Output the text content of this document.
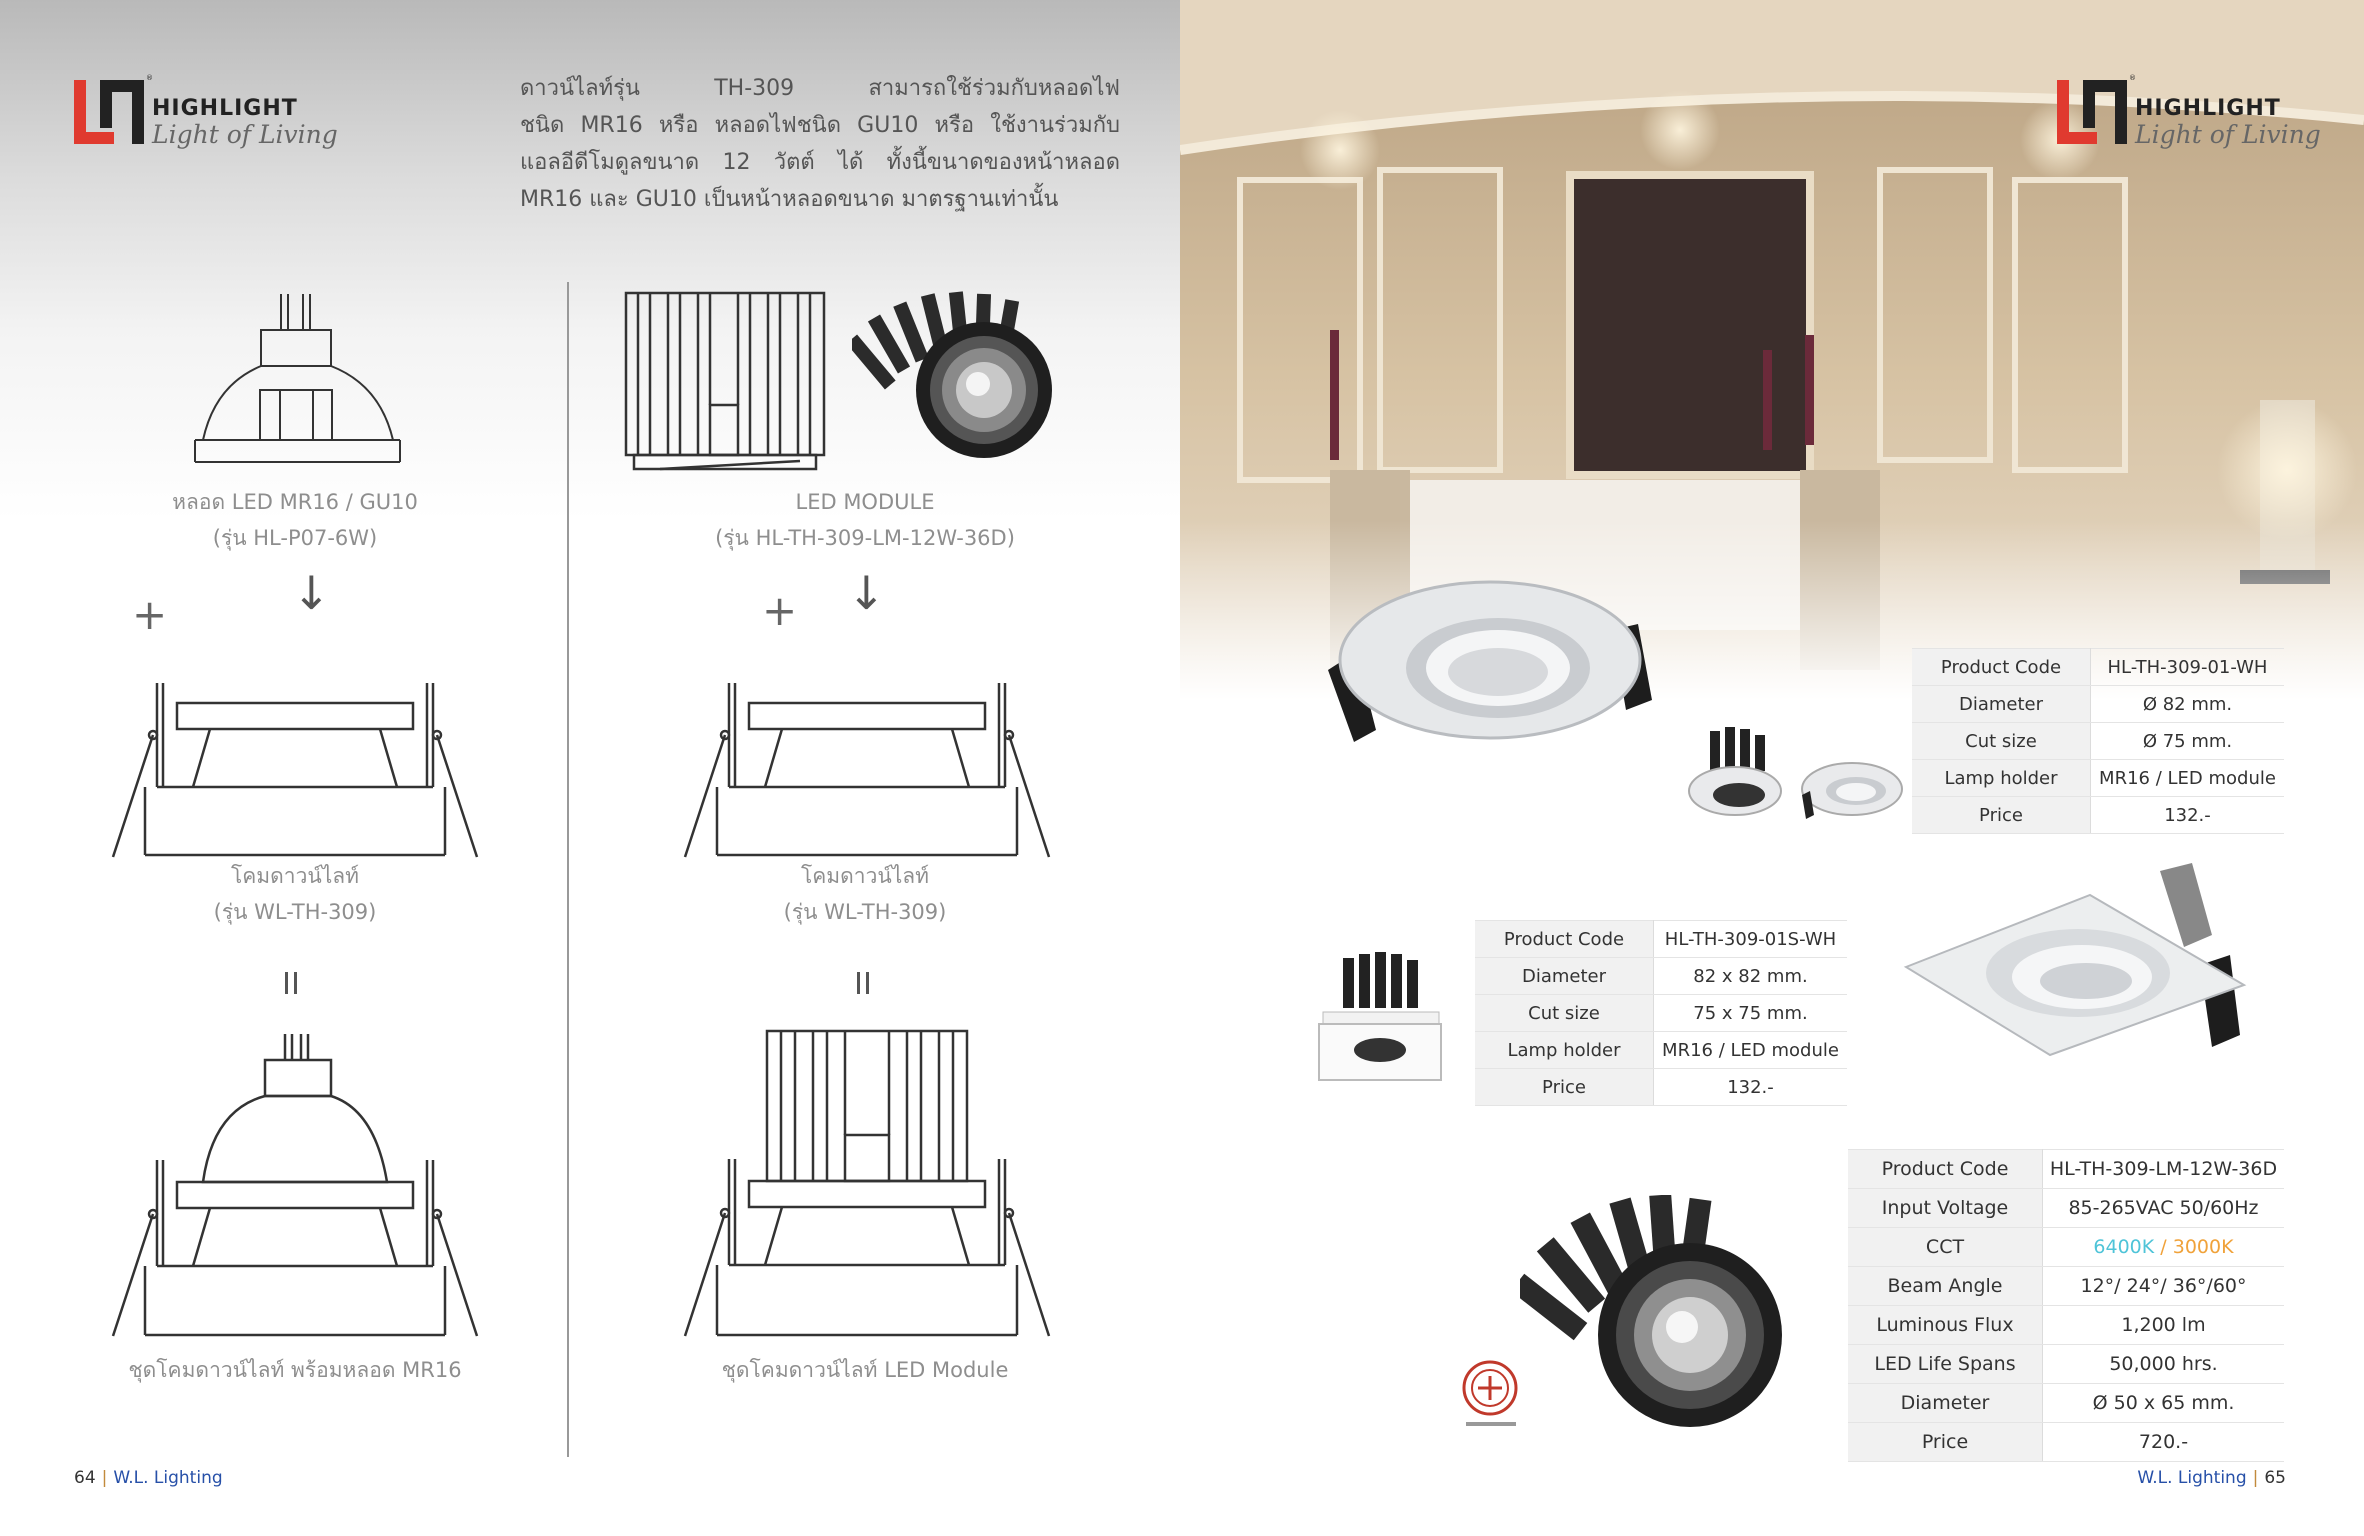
®
HIGHLIGHT
Light of Living
ดาวน์ไลท์รุ่น TH-309 สามารถใช้ร่วมกับหลอดไฟ
ชนิด MR16 หรือ หลอดไฟชนิด GU10 หรือ ใช้งานร่วมกับ
แอลอีดีโมดูลขนาด 12 วัตต์ ได้ ทั้งนี้ขนาดของหน้าหลอด
MR16 และ GU10 เป็นหน้าหลอดขนาด มาตรฐานเท่านั้น
หลอด LED MR16 / GU10
(รุ่น HL-P07-6W)
+	↓
โคมดาวน์ไลท์
(รุ่น WL-TH-309)
ชุดโคมดาวน์ไลท์ พร้อมหลอด MR16
LED MODULE
(รุ่น HL-TH-309-LM-12W-36D)
+ ↓
โคมดาวน์ไลท์
(รุ่น WL-TH-309)
ชุดโคมดาวน์ไลท์ LED Module
64 | W.L. Lighting
®
HIGHLIGHT
Light of Living
Product Code	HL-TH-309-01-WH
Diameter	Ø 82 mm.
Cut size	Ø 75 mm.
Lamp holder	MR16 / LED module
Price	132.-
Product Code	HL-TH-309-01S-WH
Diameter	82 x 82 mm.
Cut size	75 x 75 mm.
Lamp holder	MR16 / LED module
Price	132.-
Product Code	HL-TH-309-LM-12W-36D
Input Voltage	85-265VAC 50/60Hz
CCT	6400K / 3000K
Beam Angle	12°/ 24°/ 36°/60°
Luminous Flux	1,200 lm
LED Life Spans	50,000 hrs.
Diameter	Ø 50 x 65 mm.
Price	720.-
W.L. Lighting | 65
